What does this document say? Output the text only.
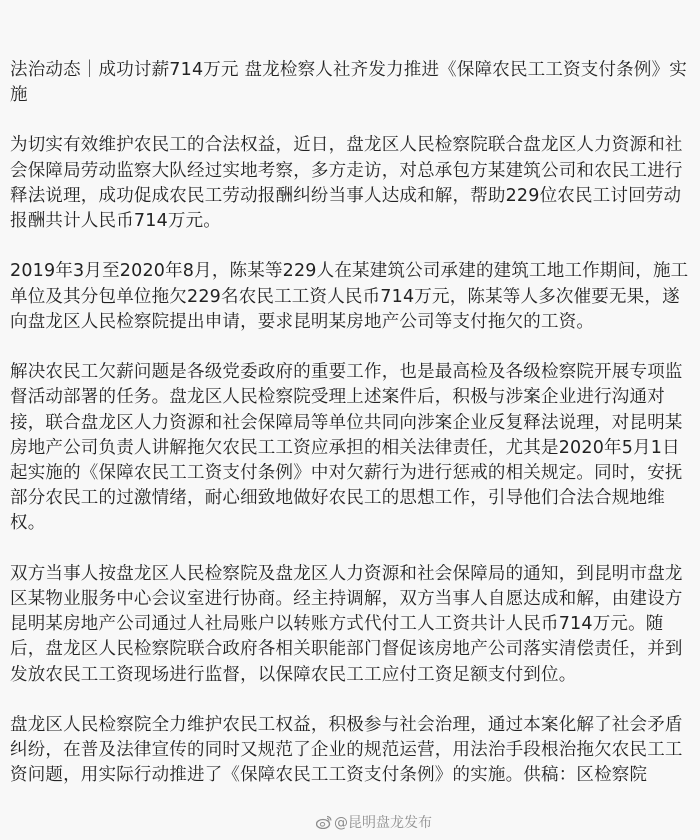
法治动态｜成功讨薪714万元 盘龙检察人社齐发力推进《保障农民工工资支付条例》实施

为切实有效维护农民工的合法权益，近日，盘龙区人民检察院联合盘龙区人力资源和社会保障局劳动监察大队经过实地考察，多方走访，对总承包方某建筑公司和农民工进行释法说理，成功促成农民工劳动报酬纠纷当事人达成和解，帮助229位农民工讨回劳动报酬共计人民币714万元。

2019年3月至2020年8月，陈某等229人在某建筑公司承建的建筑工地工作期间，施工单位及其分包单位拖欠229名农民工工资人民币714万元，陈某等人多次催要无果，遂向盘龙区人民检察院提出申请，要求昆明某房地产公司等支付拖欠的工资。

解决农民工欠薪问题是各级党委政府的重要工作，也是最高检及各级检察院开展专项监督活动部署的任务。盘龙区人民检察院受理上述案件后，积极与涉案企业进行沟通对接，联合盘龙区人力资源和社会保障局等单位共同向涉案企业反复释法说理，对昆明某房地产公司负责人讲解拖欠农民工工资应承担的相关法律责任，尤其是2020年5月1日起实施的《保障农民工工资支付条例》中对欠薪行为进行惩戒的相关规定。同时，安抚部分农民工的过激情绪，耐心细致地做好农民工的思想工作，引导他们合法合规地维权。

双方当事人按盘龙区人民检察院及盘龙区人力资源和社会保障局的通知，到昆明市盘龙区某物业服务中心会议室进行协商。经主持调解，双方当事人自愿达成和解，由建设方昆明某房地产公司通过人社局账户以转账方式代付工人工资共计人民币714万元。随后，盘龙区人民检察院联合政府各相关职能部门督促该房地产公司落实清偿责任，并到发放农民工工资现场进行监督，以保障农民工工应付工资足额支付到位。

盘龙区人民检察院全力维护农民工权益，积极参与社会治理，通过本案化解了社会矛盾纠纷，在普及法律宣传的同时又规范了企业的规范运营，用法治手段根治拖欠农民工工资问题，用实际行动推进了《保障农民工工资支付条例》的实施。供稿：区检察院

@昆明盘龙发布
